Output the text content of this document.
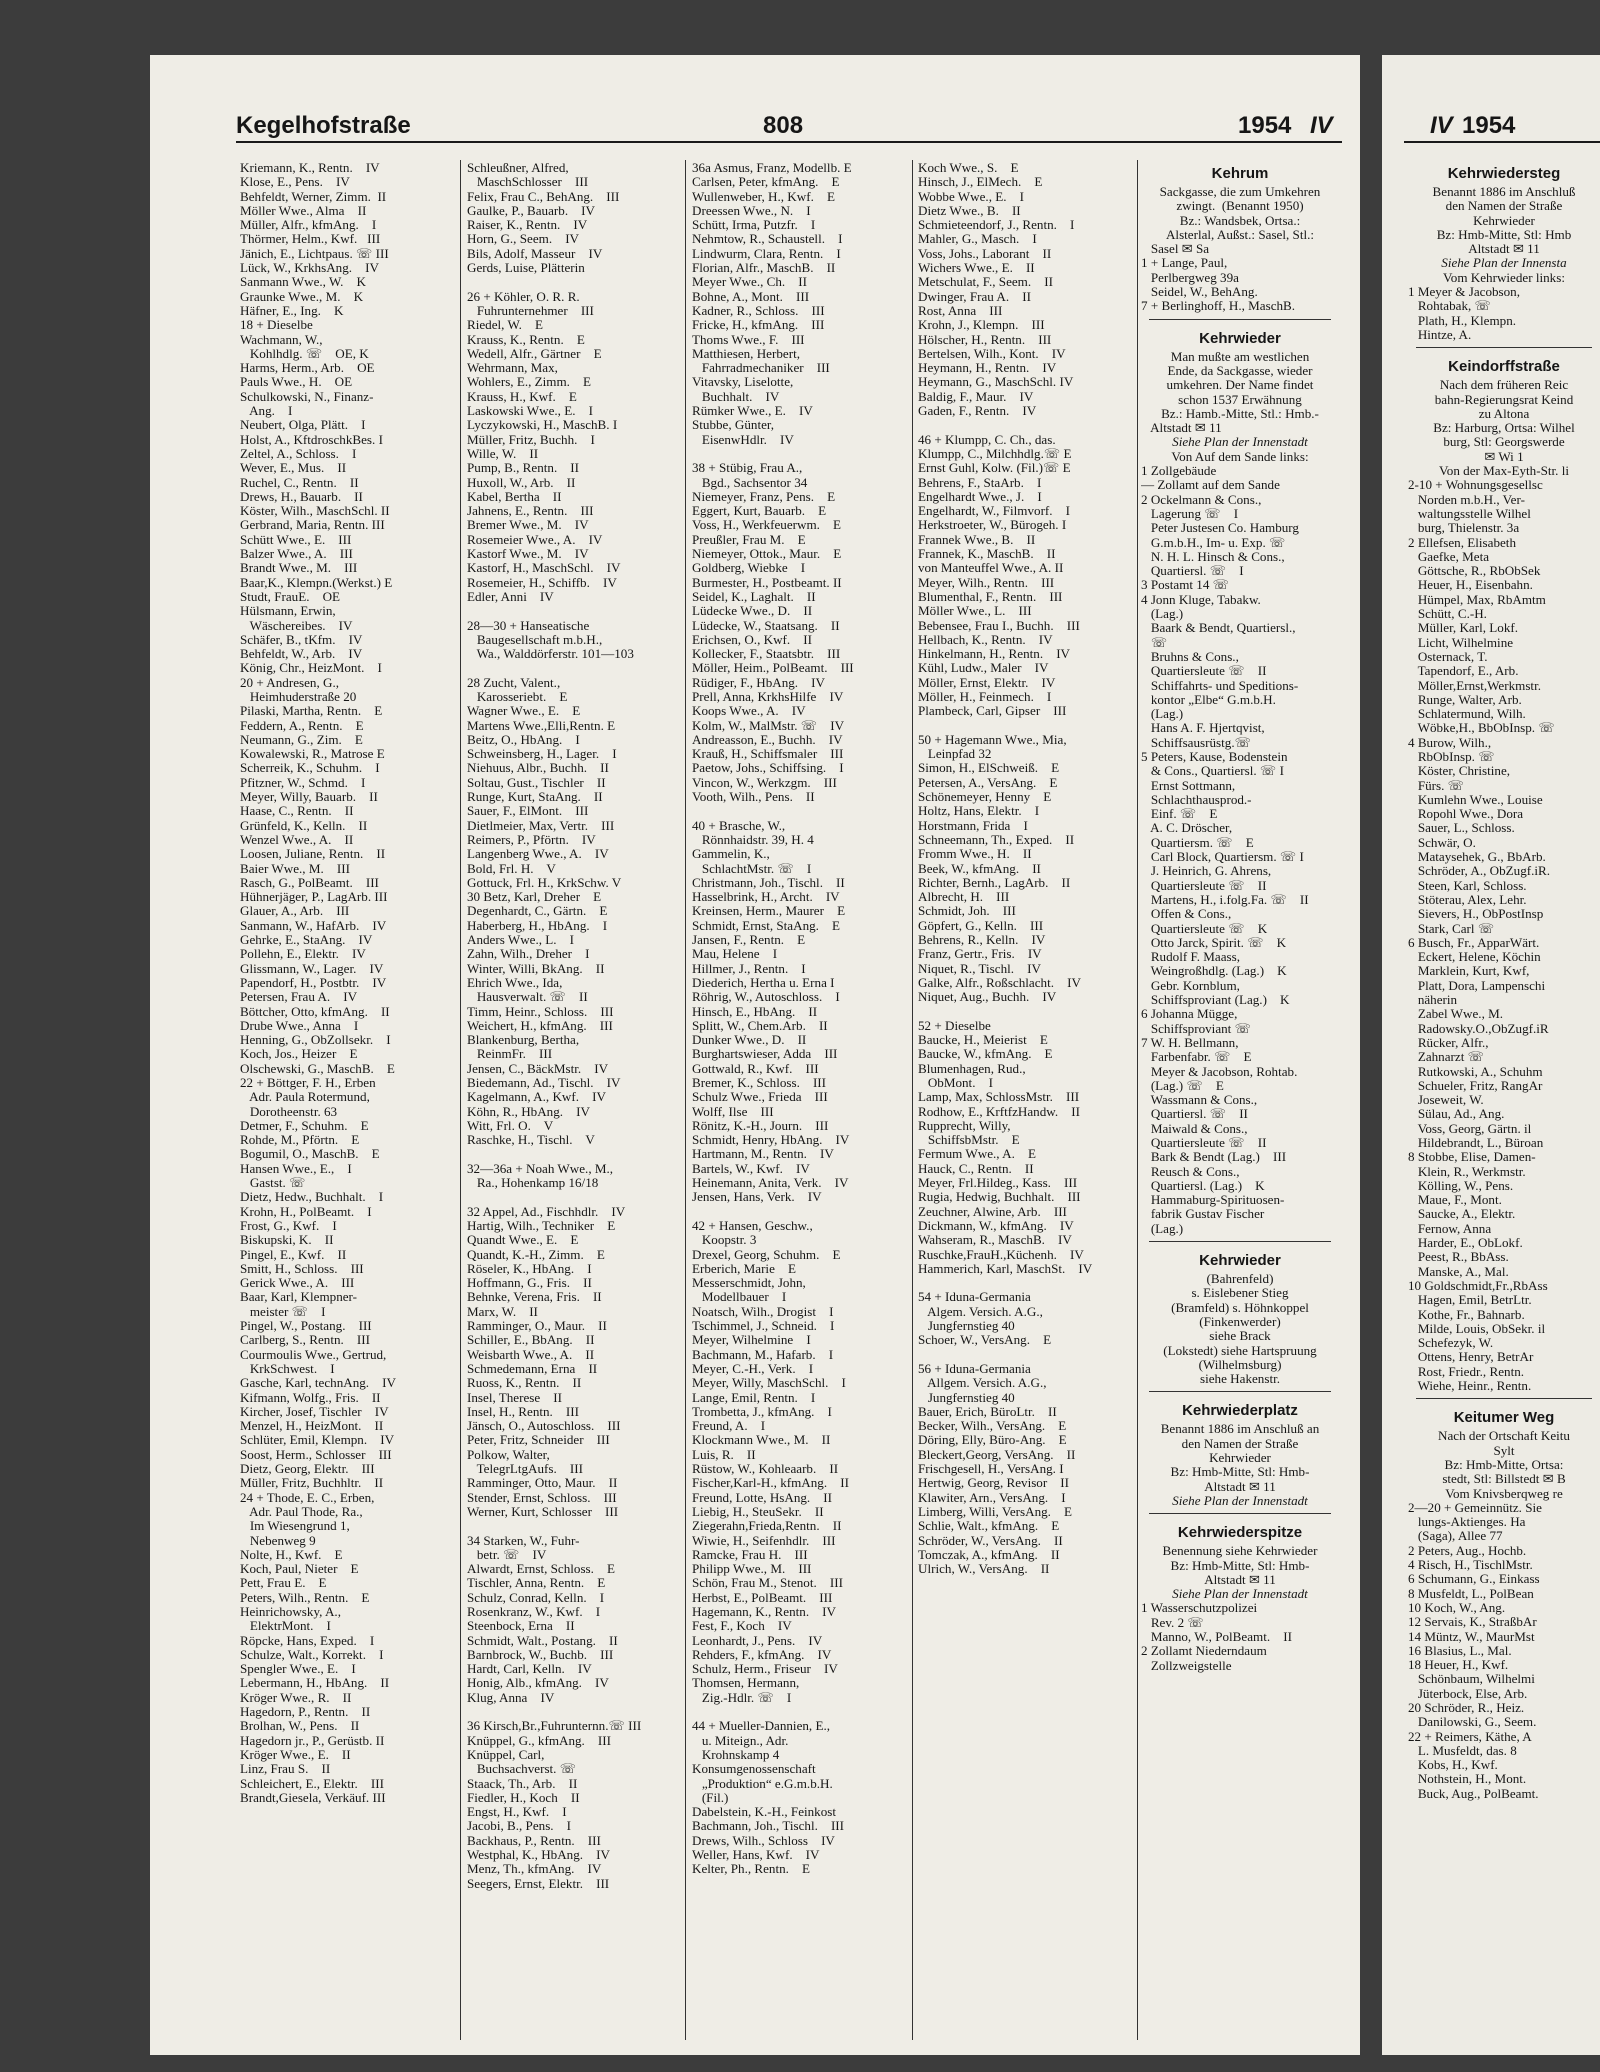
Kegelhofstraße	808	1954 IV	IV 1954
Kriemann, K., Rentn.    IV
Klose, E., Pens.    IV
Behfeldt, Werner, Zimm.  II
Möller Wwe., Alma    II
Müller, Alfr., kfmAng.    I
Thörmer, Helm., Kwf.   III
Jänich, E., Lichtpaus. ☏ III
Lück, W., KrkhsAng.    IV
Sanmann Wwe., W.    K
Graunke Wwe., M.    K
Häfner, E., Ing.    K
18 + Dieselbe
Wachmann, W.,
Kohlhdlg. ☏    OE, K
Harms, Herm., Arb.    OE
Pauls Wwe., H.    OE
Schulkowski, N., Finanz-
Ang.    I
Neubert, Olga, Plätt.    I
Holst, A., KftdroschkBes. I
Zeltel, A., Schloss.    I
Wever, E., Mus.    II
Ruchel, C., Rentn.    II
Drews, H., Bauarb.    II
Köster, Wilh., MaschSchl. II
Gerbrand, Maria, Rentn. III
Schütt Wwe., E.    III
Balzer Wwe., A.    III
Brandt Wwe., M.    III
Baar,K., Klempn.(Werkst.) E
Studt, FrauE.    OE
Hülsmann, Erwin,
Wäschereibes.    IV
Schäfer, B., tKfm.    IV
Behfeldt, W., Arb.    IV
König, Chr., HeizMont.    I
20 + Andresen, G.,
Heimhuderstraße 20
Pilaski, Martha, Rentn.    E
Feddern, A., Rentn.    E
Neumann, G., Zim.    E
Kowalewski, R., Matrose E
Scherreik, K., Schuhm.    I
Pfitzner, W., Schmd.    I
Meyer, Willy, Bauarb.    II
Haase, C., Rentn.    II
Grünfeld, K., Kelln.    II
Wenzel Wwe., A.    II
Loosen, Juliane, Rentn.    II
Baier Wwe., M.    III
Rasch, G., PolBeamt.    III
Hühnerjäger, P., LagArb. III
Glauer, A., Arb.    III
Sanmann, W., HafArb.    IV
Gehrke, E., StaAng.    IV
Pollehn, E., Elektr.    IV
Glissmann, W., Lager.    IV
Papendorf, H., Postbtr.    IV
Petersen, Frau A.    IV
Böttcher, Otto, kfmAng.    II
Drube Wwe., Anna    I
Henning, G., ObZollsekr.    I
Koch, Jos., Heizer    E
Olschewski, G., MaschB.    E
22 + Böttger, F. H., Erben
Adr. Paula Rotermund,
Dorotheenstr. 63
Detmer, F., Schuhm.    E
Rohde, M., Pförtn.    E
Bogumil, O., MaschB.    E
Hansen Wwe., E.,    I
Gastst. ☏
Dietz, Hedw., Buchhalt.    I
Krohn, H., PolBeamt.    I
Frost, G., Kwf.    I
Biskupski, K.    II
Pingel, E., Kwf.    II
Smitt, H., Schloss.    III
Gerick Wwe., A.    III
Baar, Karl, Klempner-
meister ☏    I
Pingel, W., Postang.    III
Carlberg, S., Rentn.    III
Courmoulis Wwe., Gertrud,
KrkSchwest.    I
Gasche, Karl, technAng.    IV
Kifmann, Wolfg., Fris.    II
Kircher, Josef, Tischler    IV
Menzel, H., HeizMont.    II
Schlüter, Emil, Klempn.    IV
Soost, Herm., Schlosser    III
Dietz, Georg, Elektr.    III
Müller, Fritz, Buchhltr.    II
24 + Thode, E. C., Erben,
Adr. Paul Thode, Ra.,
Im Wiesengrund 1,
Nebenweg 9
Nolte, H., Kwf.    E
Koch, Paul, Nieter    E
Pett, Frau E.    E
Peters, Wilh., Rentn.    E
Heinrichowsky, A.,
ElektrMont.    I
Röpcke, Hans, Exped.    I
Schulze, Walt., Korrekt.    I
Spengler Wwe., E.    I
Lebermann, H., HbAng.    II
Kröger Wwe., R.    II
Hagedorn, P., Rentn.    II
Brolhan, W., Pens.    II
Hagedorn jr., P., Gerüstb. II
Kröger Wwe., E.    II
Linz, Frau S.    II
Schleichert, E., Elektr.    III
Brandt,Giesela, Verkäuf. III
Schleußner, Alfred,
MaschSchlosser    III
Felix, Frau C., BehAng.    III
Gaulke, P., Bauarb.    IV
Raiser, K., Rentn.    IV
Horn, G., Seem.    IV
Bils, Adolf, Masseur    IV
Gerds, Luise, Plätterin
26 + Köhler, O. R. R.
Fuhrunternehmer    III
Riedel, W.    E
Krauss, K., Rentn.    E
Wedell, Alfr., Gärtner    E
Wehrmann, Max,
Wohlers, E., Zimm.    E
Krauss, H., Kwf.    E
Laskowski Wwe., E.    I
Lyczykowski, H., MaschB. I
Müller, Fritz, Buchh.    I
Wille, W.    II
Pump, B., Rentn.    II
Huxoll, W., Arb.    II
Kabel, Bertha    II
Jahnens, E., Rentn.    III
Bremer Wwe., M.    IV
Rosemeier Wwe., A.    IV
Kastorf Wwe., M.    IV
Kastorf, H., MaschSchl.    IV
Rosemeier, H., Schiffb.    IV
Edler, Anni    IV
28—30 + Hanseatische
Baugesellschaft m.b.H.,
Wa., Walddörferstr. 101—103
28 Zucht, Valent.,
Karosseriebt.    E
Wagner Wwe., E.    E
Martens Wwe.,Elli,Rentn. E
Beitz, O., HbAng.    I
Schweinsberg, H., Lager.    I
Niehuus, Albr., Buchh.    II
Soltau, Gust., Tischler    II
Runge, Kurt, StaAng.    II
Sauer, F., ElMont.    III
Dietlmeier, Max, Vertr.    III
Reimers, P., Pförtn.    IV
Langenberg Wwe., A.    IV
Bold, Frl. H.    V
Gottuck, Frl. H., KrkSchw. V
30 Betz, Karl, Dreher    E
Degenhardt, C., Gärtn.    E
Haberberg, H., HbAng.    I
Anders Wwe., L.    I
Zahn, Wilh., Dreher    I
Winter, Willi, BkAng.    II
Ehrich Wwe., Ida,
Hausverwalt. ☏    II
Timm, Heinr., Schloss.    III
Weichert, H., kfmAng.    III
Blankenburg, Bertha,
ReinmFr.    III
Jensen, C., BäckMstr.    IV
Biedemann, Ad., Tischl.    IV
Kagelmann, A., Kwf.    IV
Köhn, R., HbAng.    IV
Witt, Frl. O.    V
Raschke, H., Tischl.    V
32—36a + Noah Wwe., M.,
Ra., Hohenkamp 16/18
32 Appel, Ad., Fischhdlr.    IV
Hartig, Wilh., Techniker    E
Quandt Wwe., E.    E
Quandt, K.-H., Zimm.    E
Röseler, K., HbAng.    I
Hoffmann, G., Fris.    II
Behnke, Verena, Fris.    II
Marx, W.    II
Ramminger, O., Maur.    II
Schiller, E., BbAng.    II
Weisbarth Wwe., A.    II
Schmedemann, Erna    II
Ruoss, K., Rentn.    II
Insel, Therese    II
Insel, H., Rentn.    III
Jänsch, O., Autoschloss.    III
Peter, Fritz, Schneider    III
Polkow, Walter,
TelegrLtgAufs.    III
Ramminger, Otto, Maur.    II
Stender, Ernst, Schloss.    III
Werner, Kurt, Schlosser    III
34 Starken, W., Fuhr-
betr. ☏    IV
Alwardt, Ernst, Schloss.    E
Tischler, Anna, Rentn.    E
Schulz, Conrad, Kelln.    I
Rosenkranz, W., Kwf.    I
Steenbock, Erna    II
Schmidt, Walt., Postang.    II
Barnbrock, W., Buchb.    III
Hardt, Carl, Kelln.    IV
Honig, Alb., kfmAng.    IV
Klug, Anna    IV
36 Kirsch,Br.,Fuhrunternn.☏ III
Knüppel, G., kfmAng.    III
Knüppel, Carl,
Buchsachverst. ☏
Staack, Th., Arb.    II
Fiedler, H., Koch    II
Engst, H., Kwf.    I
Jacobi, B., Pens.    I
Backhaus, P., Rentn.    III
Westphal, K., HbAng.    IV
Menz, Th., kfmAng.    IV
Seegers, Ernst, Elektr.    III
36a Asmus, Franz, Modellb. E
Carlsen, Peter, kfmAng.    E
Wullenweber, H., Kwf.    E
Dreessen Wwe., N.    I
Schütt, Irma, Putzfr.    I
Nehmtow, R., Schaustell.    I
Lindwurm, Clara, Rentn.    I
Florian, Alfr., MaschB.    II
Meyer Wwe., Ch.    II
Bohne, A., Mont.    III
Kadner, R., Schloss.    III
Fricke, H., kfmAng.    III
Thoms Wwe., F.    III
Matthiesen, Herbert,
Fahrradmechaniker    III
Vitavsky, Liselotte,
Buchhalt.    IV
Rümker Wwe., E.    IV
Stubbe, Günter,
EisenwHdlr.    IV
38 + Stübig, Frau A.,
Bgd., Sachsentor 34
Niemeyer, Franz, Pens.    E
Eggert, Kurt, Bauarb.    E
Voss, H., Werkfeuerwm.    E
Preußler, Frau M.    E
Niemeyer, Ottok., Maur.    E
Goldberg, Wiebke    I
Burmester, H., Postbeamt. II
Seidel, K., Laghalt.    II
Lüdecke Wwe., D.    II
Lüdecke, W., Staatsang.    II
Erichsen, O., Kwf.    II
Kollecker, F., Staatsbtr.    III
Möller, Heim., PolBeamt.    III
Rüdiger, F., HbAng.    IV
Prell, Anna, KrkhsHilfe    IV
Koops Wwe., A.    IV
Kolm, W., MalMstr. ☏    IV
Andreasson, E., Buchh.    IV
Krauß, H., Schiffsmaler    III
Paetow, Johs., Schiffsing.    I
Vincon, W., Werkzgm.    III
Vooth, Wilh., Pens.    II
40 + Brasche, W.,
Rönnhaidstr. 39, H. 4
Gammelin, K.,
SchlachtMstr. ☏    I
Christmann, Joh., Tischl.    II
Hasselbrink, H., Archt.    IV
Kreinsen, Herm., Maurer    E
Schmidt, Ernst, StaAng.    E
Jansen, F., Rentn.    E
Mau, Helene    I
Hillmer, J., Rentn.    I
Diederich, Hertha u. Erna I
Röhrig, W., Autoschloss.    I
Hinsch, E., HbAng.    II
Splitt, W., Chem.Arb.    II
Dunker Wwe., D.    II
Burghartswieser, Adda    III
Gottwald, R., Kwf.    III
Bremer, K., Schloss.    III
Schulz Wwe., Frieda    III
Wolff, Ilse    III
Rönitz, K.-H., Journ.    III
Schmidt, Henry, HbAng.    IV
Hartmann, M., Rentn.    IV
Bartels, W., Kwf.    IV
Heinemann, Anita, Verk.    IV
Jensen, Hans, Verk.    IV
42 + Hansen, Geschw.,
Koopstr. 3
Drexel, Georg, Schuhm.    E
Erberich, Marie    E
Messerschmidt, John,
Modellbauer    I
Noatsch, Wilh., Drogist    I
Tschimmel, J., Schneid.    I
Meyer, Wilhelmine    I
Bachmann, M., Hafarb.    I
Meyer, C.-H., Verk.    I
Meyer, Willy, MaschSchl.    I
Lange, Emil, Rentn.    I
Trombetta, J., kfmAng.    I
Freund, A.    I
Klockmann Wwe., M.    II
Luis, R.    II
Rüstow, W., Kohleaarb.    II
Fischer,Karl-H., kfmAng.    II
Freund, Lotte, HsAng.    II
Liebig, H., SteuSekr.    II
Ziegerahn,Frieda,Rentn.    II
Wiwie, H., Seifenhdlr.    III
Ramcke, Frau H.    III
Philipp Wwe., M.    III
Schön, Frau M., Stenot.    III
Herbst, E., PolBeamt.    III
Hagemann, K., Rentn.    IV
Fest, F., Koch    IV
Leonhardt, J., Pens.    IV
Rehders, F., kfmAng.    IV
Schulz, Herm., Friseur    IV
Thomsen, Hermann,
Zig.-Hdlr. ☏    I
44 + Mueller-Dannien, E.,
u. Miteign., Adr.
Krohnskamp 4
Konsumgenossenschaft
„Produktion“ e.G.m.b.H.
(Fil.)
Dabelstein, K.-H., Feinkost
Bachmann, Joh., Tischl.    III
Drews, Wilh., Schloss    IV
Weller, Hans, Kwf.    IV
Kelter, Ph., Rentn.    E
Koch Wwe., S.    E
Hinsch, J., ElMech.    E
Wobbe Wwe., E.    I
Dietz Wwe., B.    II
Schmieteendorf, J., Rentn.    I
Mahler, G., Masch.    I
Voss, Johs., Laborant    II
Wichers Wwe., E.    II
Metschulat, F., Seem.    II
Dwinger, Frau A.    II
Rost, Anna    III
Krohn, J., Klempn.    III
Hölscher, H., Rentn.    III
Bertelsen, Wilh., Kont.    IV
Heymann, H., Rentn.    IV
Heymann, G., MaschSchl. IV
Baldig, F., Maur.    IV
Gaden, F., Rentn.    IV
46 + Klumpp, C. Ch., das.
Klumpp, C., Milchhdlg.☏ E
Ernst Guhl, Kolw. (Fil.)☏ E
Behrens, F., StaArb.    I
Engelhardt Wwe., J.    I
Engelhardt, W., Filmvorf.    I
Herkstroeter, W., Bürogeh. I
Frannek Wwe., B.    II
Frannek, K., MaschB.    II
von Manteuffel Wwe., A. II
Meyer, Wilh., Rentn.    III
Blumenthal, F., Rentn.    III
Möller Wwe., L.    III
Bebensee, Frau I., Buchh.    III
Hellbach, K., Rentn.    IV
Hinkelmann, H., Rentn.    IV
Kühl, Ludw., Maler    IV
Möller, Ernst, Elektr.    IV
Möller, H., Feinmech.    I
Plambeck, Carl, Gipser    III
50 + Hagemann Wwe., Mia,
Leinpfad 32
Simon, H., ElSchweiß.    E
Petersen, A., VersAng.    E
Schönemeyer, Henny    E
Holtz, Hans, Elektr.    I
Horstmann, Frida    I
Schneemann, Th., Exped.    II
Fromm Wwe., H.    II
Beek, W., kfmAng.    II
Richter, Bernh., LagArb.    II
Albrecht, H.    III
Schmidt, Joh.    III
Göpfert, G., Kelln.    III
Behrens, R., Kelln.    IV
Franz, Gertr., Fris.    IV
Niquet, R., Tischl.    IV
Galke, Alfr., Roßschlacht.    IV
Niquet, Aug., Buchh.    IV
52 + Dieselbe
Baucke, H., Meierist    E
Baucke, W., kfmAng.    E
Blumenhagen, Rud.,
ObMont.    I
Lamp, Max, SchlossMstr.    III
Rodhow, E., KrftfzHandw.    II
Rupprecht, Willy,
SchiffsbMstr.    E
Fermum Wwe., A.    E
Hauck, C., Rentn.    II
Meyer, Frl.Hildeg., Kass.    III
Rugia, Hedwig, Buchhalt.    III
Zeuchner, Alwine, Arb.    III
Dickmann, W., kfmAng.    IV
Wahseram, R., MaschB.    IV
Ruschke,FrauH.,Küchenh.    IV
Hammerich, Karl, MaschSt.    IV
54 + Iduna-Germania
Algem. Versich. A.G.,
Jungfernstieg 40
Schoer, W., VersAng.    E
56 + Iduna-Germania
Allgem. Versich. A.G.,
Jungfernstieg 40
Bauer, Erich, BüroLtr.    II
Becker, Wilh., VersAng.    E
Döring, Elly, Büro-Ang.    E
Bleckert,Georg, VersAng.    II
Frischgesell, H., VersAng. I
Hertwig, Georg, Revisor    II
Klawiter, Arn., VersAng.    I
Limberg, Willi, VersAng.    E
Schlie, Walt., kfmAng.    E
Schröder, W., VersAng.    II
Tomczak, A., kfmAng.    II
Ulrich, W., VersAng.    II
Kehrum
Sackgasse, die zum Umkehren
zwingt.  (Benannt 1950)
Bz.: Wandsbek, Ortsa.:
Alsterlal, Außst.: Sasel, Stl.:
Sasel ✉ Sa
1 + Lange, Paul,
Perlbergweg 39a
Seidel, W., BehAng.
7 + Berlinghoff, H., MaschB.
Kehrwieder
Man mußte am westlichen
Ende, da Sackgasse, wieder
umkehren. Der Name findet
schon 1537 Erwähnung
Bz.: Hamb.-Mitte, Stl.: Hmb.-
Altstadt ✉ 11
Siehe Plan der Innenstadt
Von Auf dem Sande links:
1 Zollgebäude
— Zollamt auf dem Sande
2 Ockelmann & Cons.,
Lagerung ☏    I
Peter Justesen Co. Hamburg
G.m.b.H., Im- u. Exp. ☏
N. H. L. Hinsch & Cons.,
Quartiersl. ☏    I
3 Postamt 14 ☏
4 Jonn Kluge, Tabakw.
(Lag.)
Baark & Bendt, Quartiersl.,
☏
Bruhns & Cons.,
Quartiersleute ☏    II
Schiffahrts- und Speditions-
kontor „Elbe“ G.m.b.H.
(Lag.)
Hans A. F. Hjertqvist,
Schiffsausrüstg.☏
5 Peters, Kause, Bodenstein
& Cons., Quartiersl. ☏ I
Ernst Sottmann,
Schlachthausprod.-
Einf. ☏    E
A. C. Dröscher,
Quartiersm. ☏    E
Carl Block, Quartiersm. ☏ I
J. Heinrich, G. Ahrens,
Quartiersleute ☏    II
Martens, H., i.folg.Fa. ☏    II
Offen & Cons.,
Quartiersleute ☏    K
Otto Jarck, Spirit. ☏    K
Rudolf F. Maass,
Weingroßhdlg. (Lag.)    K
Gebr. Kornblum,
Schiffsproviant (Lag.)    K
6 Johanna Mügge,
Schiffsproviant ☏
7 W. H. Bellmann,
Farbenfabr. ☏    E
Meyer & Jacobson, Rohtab.
(Lag.) ☏    E
Wassmann & Cons.,
Quartiersl. ☏    II
Maiwald & Cons.,
Quartiersleute ☏    II
Bark & Bendt (Lag.)    III
Reusch & Cons.,
Quartiersl. (Lag.)    K
Hammaburg-Spirituosen-
fabrik Gustav Fischer
(Lag.)
Kehrwieder
(Bahrenfeld)
s. Eislebener Stieg
(Bramfeld) s. Höhnkoppel
(Finkenwerder)
siehe Brack
(Lokstedt) siehe Hartspruung
(Wilhelmsburg)
siehe Hakenstr.
Kehrwiederplatz
Benannt 1886 im Anschluß an
den Namen der Straße
Kehrwieder
Bz: Hmb-Mitte, Stl: Hmb-
Altstadt ✉ 11
Siehe Plan der Innenstadt
Kehrwiederspitze
Benennung siehe Kehrwieder
Bz: Hmb-Mitte, Stl: Hmb-
Altstadt ✉ 11
Siehe Plan der Innenstadt
1 Wasserschutzpolizei
Rev. 2 ☏
Manno, W., PolBeamt.    II
2 Zollamt Niederndaum
Zollzweigstelle
Kehrwiedersteg
Benannt 1886 im Anschluß
den Namen der Straße
Kehrwieder
Bz: Hmb-Mitte, Stl: Hmb
Altstadt ✉ 11
Siehe Plan der Innensta
Vom Kehrwieder links:
1 Meyer & Jacobson,
Rohtabak, ☏
Plath, H., Klempn.
Hintze, A.
Keindorffstraße
Nach dem früheren Reic
bahn-Regierungsrat Keind
zu Altona
Bz: Harburg, Ortsa: Wilhel
burg, Stl: Georgswerde
✉ Wi 1
Von der Max-Eyth-Str. li
2-10 + Wohnungsgesellsc
Norden m.b.H., Ver-
waltungsstelle Wilhel
burg, Thielenstr. 3a
2 Ellefsen, Elisabeth
Gaefke, Meta
Göttsche, R., RbObSek
Heuer, H., Eisenbahn.
Hümpel, Max, RbAmtm
Schütt, C.-H.
Müller, Karl, Lokf.
Licht, Wilhelmine
Osternack, T.
Tapendorf, E., Arb.
Möller,Ernst,Werkmstr.
Runge, Walter, Arb.
Schlatermund, Wilh.
Wöbke,H., BbObInsp. ☏
4 Burow, Wilh.,
RbObInsp. ☏
Köster, Christine,
Fürs. ☏
Kumlehn Wwe., Louise
Ropohl Wwe., Dora
Sauer, L., Schloss.
Schwär, O.
Mataysehek, G., BbArb.
Schröder, A., ObZugf.iR.
Steen, Karl, Schloss.
Stöterau, Alex, Lehr.
Sievers, H., ObPostInsp
Stark, Carl ☏
6 Busch, Fr., ApparWärt.
Eckert, Helene, Köchin
Marklein, Kurt, Kwf,
Platt, Dora, Lampenschi
näherin
Zabel Wwe., M.
Radowsky.O.,ObZugf.iR
Rücker, Alfr.,
Zahnarzt ☏
Rutkowski, A., Schuhm
Schueler, Fritz, RangAr
Joseweit, W.
Sülau, Ad., Ang.
Voss, Georg, Gärtn. il
Hildebrandt, L., Büroan
8 Stobbe, Elise, Damen-
Klein, R., Werkmstr.
Kölling, W., Pens.
Maue, F., Mont.
Saucke, A., Elektr.
Fernow, Anna
Harder, E., ObLokf.
Peest, R., BbAss.
Manske, A., Mal.
10 Goldschmidt,Fr.,RbAss
Hagen, Emil, BetrLtr.
Kothe, Fr., Bahnarb.
Milde, Louis, ObSekr. il
Schefezyk, W.
Ottens, Henry, BetrAr
Rost, Friedr., Rentn.
Wiehe, Heinr., Rentn.
Keitumer Weg
Nach der Ortschaft Keitu
Sylt
Bz: Hmb-Mitte, Ortsa:
stedt, Stl: Billstedt ✉ B
Vom Knivsberqweg re
2—20 + Gemeinnütz. Sie
lungs-Aktienges. Ha
(Saga), Allee 77
2 Peters, Aug., Hochb.
4 Risch, H., TischlMstr.
6 Schumann, G., Einkass
8 Musfeldt, L., PolBean
10 Koch, W., Ang.
12 Servais, K., StraßbAr
14 Müntz, W., MaurMst
16 Blasius, L., Mal.
18 Heuer, H., Kwf.
Schönbaum, Wilhelmi
Jüterbock, Else, Arb.
20 Schröder, R., Heiz.
Danilowski, G., Seem.
22 + Reimers, Käthe, A
L. Musfeldt, das. 8
Kobs, H., Kwf.
Nothstein, H., Mont.
Buck, Aug., PolBeamt.
